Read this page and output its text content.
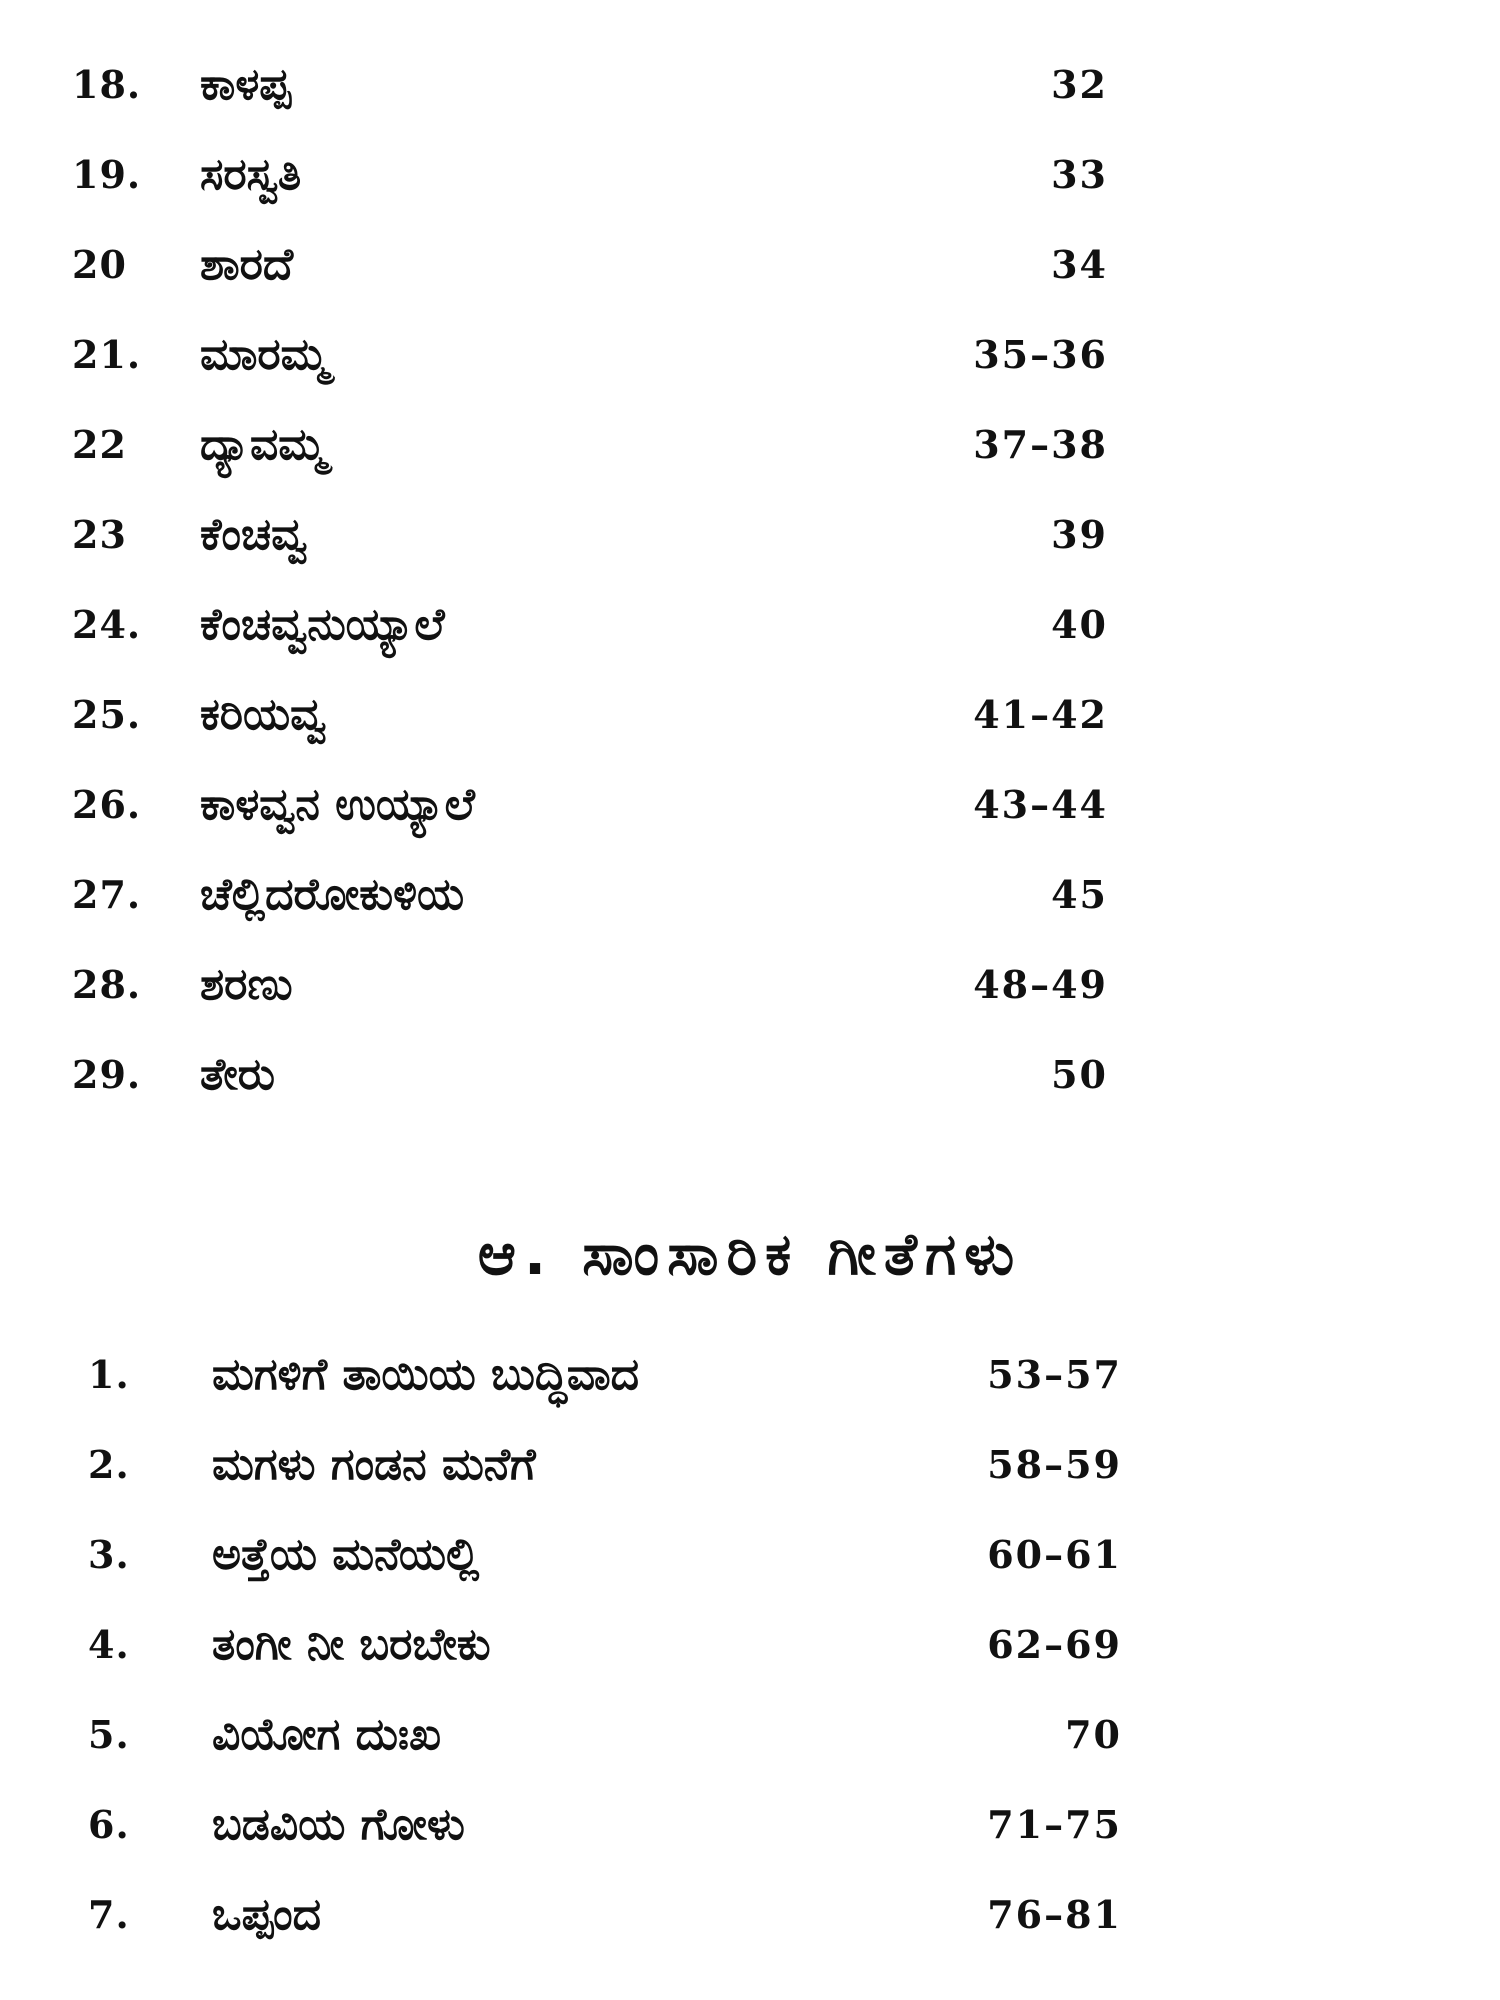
18. ಕಾಳಪ್ಪ	32
19. ಸರಸ್ವತಿ	33
20 ಶಾರದೆ	34
21. ಮಾರಮ್ಮ	35–36
22 ದ್ಯಾವಮ್ಮ	37–38
23 ಕೆಂಚವ್ವ	39
24. ಕೆಂಚವ್ವನುಯ್ಯಾಲೆ	40
25. ಕರಿಯವ್ವ	41–42
26. ಕಾಳವ್ವನ ಉಯ್ಯಾಲೆ	43–44
27. ಚೆಲ್ಲಿದರೋಕುಳಿಯ	45
28. ಶರಣು	48–49
29. ತೇರು	50
ಆ. ಸಾಂಸಾರಿಕ ಗೀತೆಗಳು
1. ಮಗಳಿಗೆ ತಾಯಿಯ ಬುದ್ಧಿವಾದ	53–57
2. ಮಗಳು ಗಂಡನ ಮನೆಗೆ	58–59
3. ಅತ್ತೆಯ ಮನೆಯಲ್ಲಿ	60–61
4. ತಂಗೀ ನೀ ಬರಬೇಕು	62–69
5. ವಿಯೋಗ ದುಃಖ	70
6. ಬಡವಿಯ ಗೋಳು	71–75
7. ಒಪ್ಪಂದ	76–81
